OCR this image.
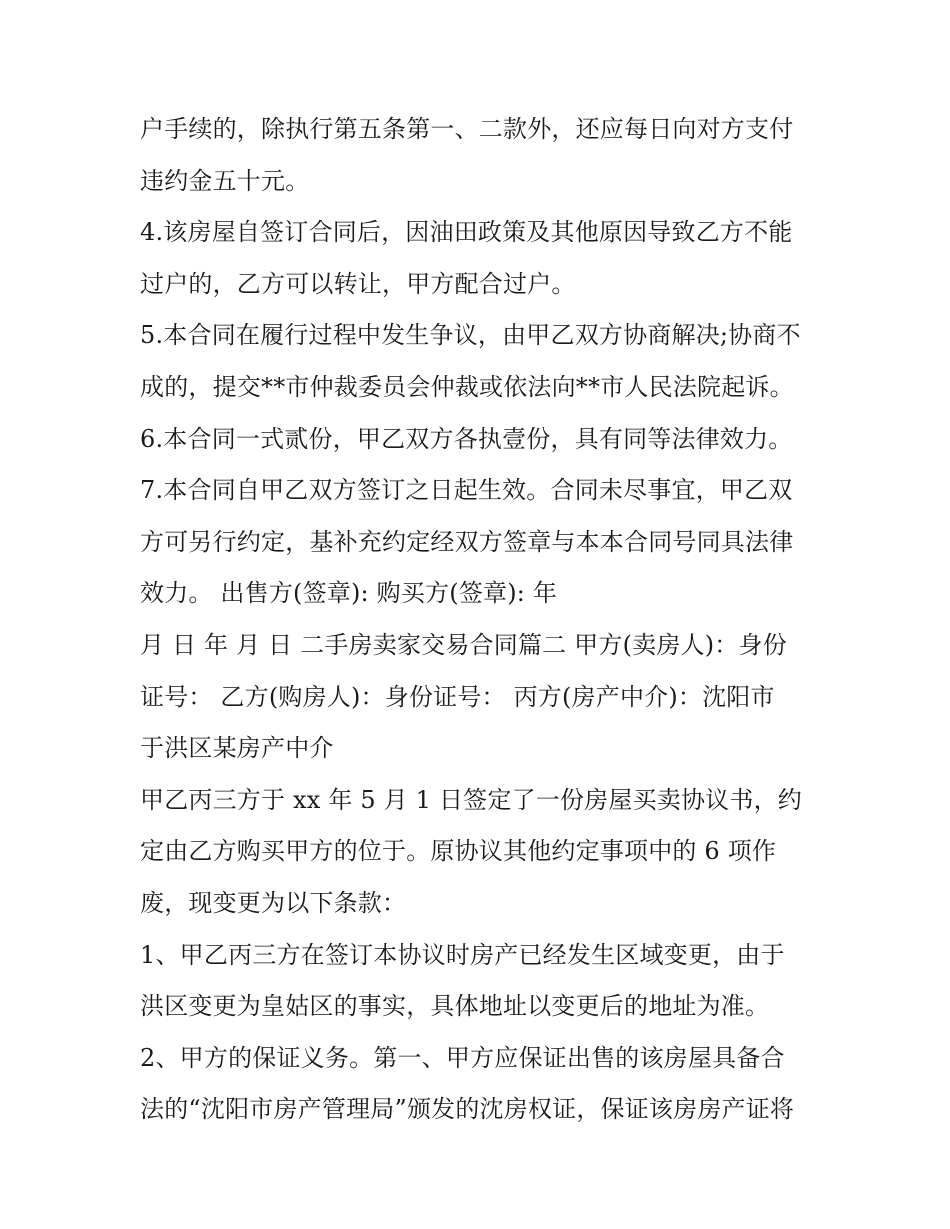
户手续的，除执行第五条第一、二款外，还应每日向对方支付
违约金五十元。
4.该房屋自签订合同后，因油田政策及其他原因导致乙方不能
过户的，乙方可以转让，甲方配合过户。
5.本合同在履行过程中发生争议，由甲乙双方协商解决;协商不
成的，提交**市仲裁委员会仲裁或依法向**市人民法院起诉。
6.本合同一式贰份，甲乙双方各执壹份，具有同等法律效力。
7.本合同自甲乙双方签订之日起生效。合同未尽事宜，甲乙双
方可另行约定，基补充约定经双方签章与本本合同号同具法律
效力。 出售方(签章): 购买方(签章): 年
月 日 年 月 日 二手房卖家交易合同篇二 甲方(卖房人)：身份
证号： 乙方(购房人)：身份证号： 丙方(房产中介)：沈阳市
于洪区某房产中介
甲乙丙三方于 xx 年 5 月 1 日签定了一份房屋买卖协议书，约
定由乙方购买甲方的位于。原协议其他约定事项中的 6 项作
废，现变更为以下条款：
1、甲乙丙三方在签订本协议时房产已经发生区域变更，由于
洪区变更为皇姑区的事实，具体地址以变更后的地址为准。
2、甲方的保证义务。第一、甲方应保证出售的该房屋具备合
法的“沈阳市房产管理局”颁发的沈房权证，保证该房房产证将
